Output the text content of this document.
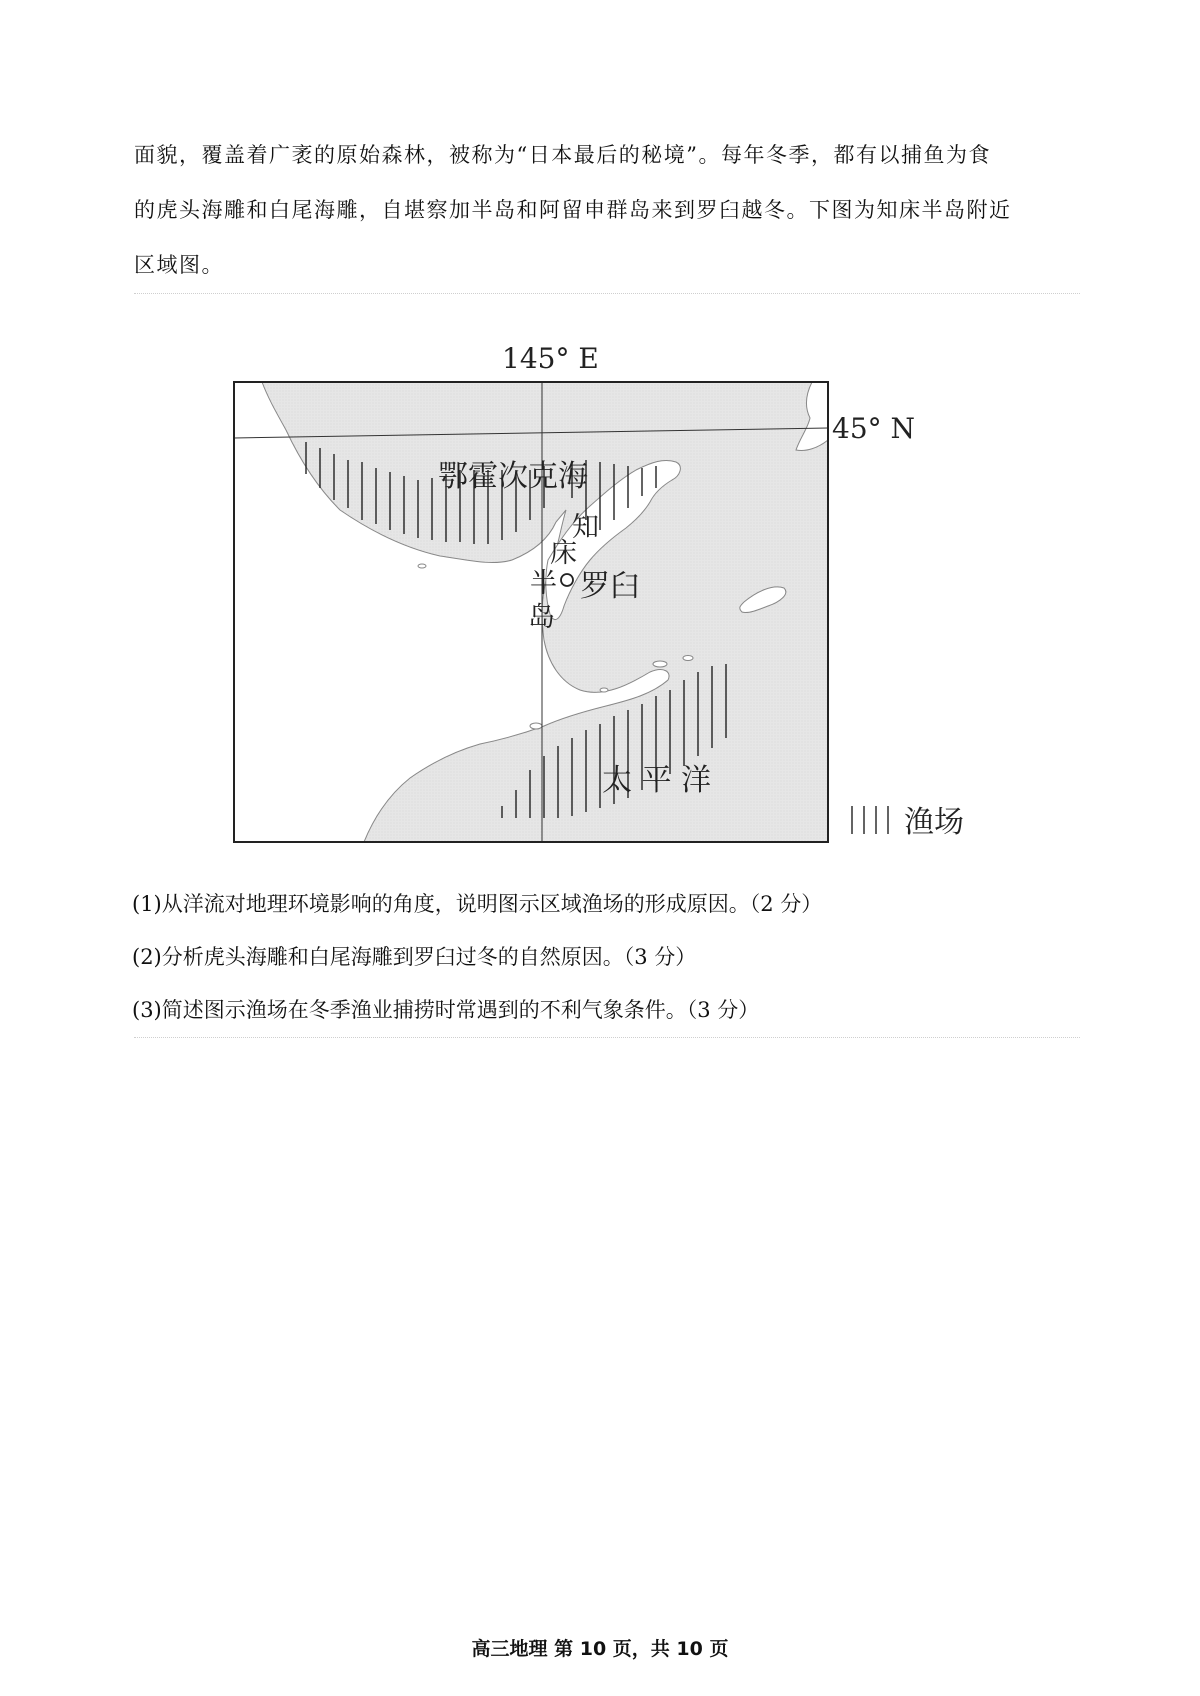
面貌，覆盖着广袤的原始森林，被称为“日本最后的秘境”。每年冬季，都有以捕鱼为食

的虎头海雕和白尾海雕，自堪察加半岛和阿留申群岛来到罗臼越冬。下图为知床半岛附近

区域图。

145° E
45° N
鄂霍次克海
知
床
半
岛
罗臼
太 平 洋
渔场

(1)从洋流对地理环境影响的角度，说明图示区域渔场的形成原因。（2 分）

(2)分析虎头海雕和白尾海雕到罗臼过冬的自然原因。（3 分）

(3)简述图示渔场在冬季渔业捕捞时常遇到的不利气象条件。（3 分）

高三地理 第 10 页，共 10 页
